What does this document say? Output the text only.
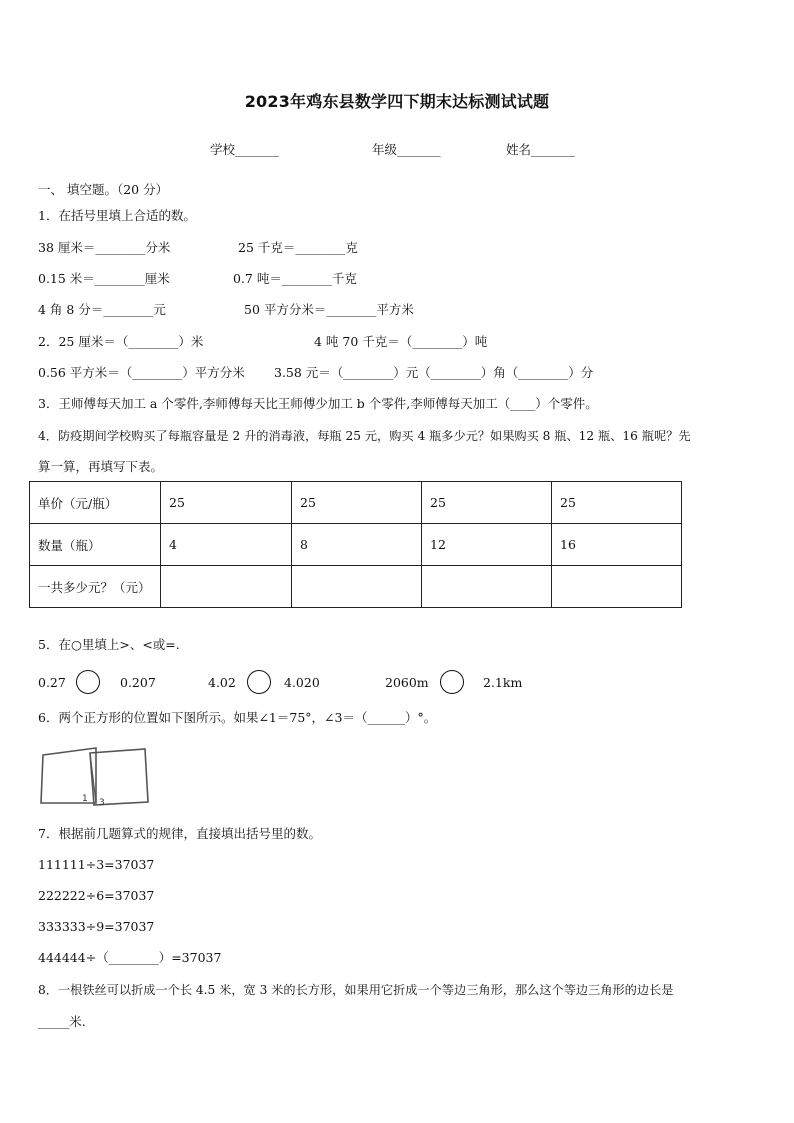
2023年鸡东县数学四下期末达标测试试题
学校_______	年级_______	姓名_______
一、 填空题。（20 分）
1．在括号里填上合适的数。
38 厘米＝________分米	25 千克＝________克
0.15 米＝________厘米	0.7 吨＝________千克
4 角 8 分＝________元	50 平方分米＝________平方米
2．25 厘米＝（________）米	4 吨 70 千克＝（________）吨
0.56 平方米＝（________）平方分米 3.58 元＝（________）元（________）角（________）分
3．王师傅每天加工 a 个零件,李师傅每天比王师傅少加工 b 个零件,李师傅每天加工（____）个零件。
4．防疫期间学校购买了每瓶容量是 2 升的消毒液，每瓶 25 元，购买 4 瓶多少元？如果购买 8 瓶、12 瓶、16 瓶呢？先
算一算，再填写下表。
单价（元/瓶）	25	25	25	25
数量（瓶）	4	8	12	16
一共多少元？（元）				
5．在○里填上>、<或=.
0.27	0.207	4.02	4.020	2060m	2.1km
6．两个正方形的位置如下图所示。如果∠1＝75°，∠3＝（______）°。
1 3
7．根据前几题算式的规律，直接填出括号里的数。
111111÷3=37037
222222÷6=37037
333333÷9=37037
444444÷（________）=37037
8．一根铁丝可以折成一个长 4.5 米，宽 3 米的长方形，如果用它折成一个等边三角形，那么这个等边三角形的边长是
_____米.
